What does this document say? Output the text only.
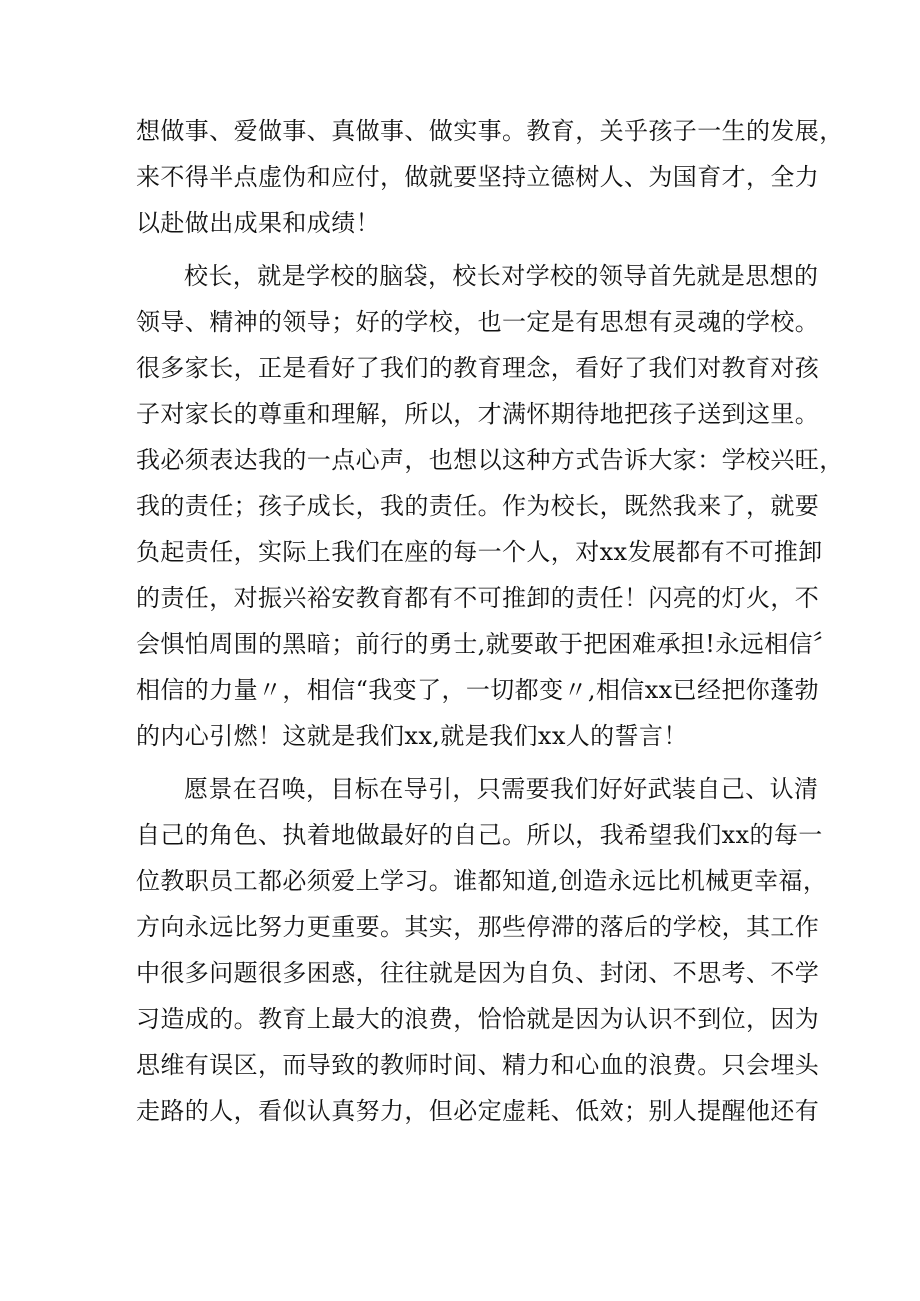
想做事、爱做事、真做事、做实事。教育，关乎孩子一生的发展，
来不得半点虚伪和应付，做就要坚持立德树人、为国育才，全力
以赴做出成果和成绩！
校长，就是学校的脑袋，校长对学校的领导首先就是思想的
领导、精神的领导；好的学校，也一定是有思想有灵魂的学校。
很多家长，正是看好了我们的教育理念，看好了我们对教育对孩
子对家长的尊重和理解，所以，才满怀期待地把孩子送到这里。
我必须表达我的一点心声，也想以这种方式告诉大家：学校兴旺，
我的责任；孩子成长，我的责任。作为校长，既然我来了，就要
负起责任，实际上我们在座的每一个人，对xx发展都有不可推卸
的责任，对振兴裕安教育都有不可推卸的责任！闪亮的灯火，不
会惧怕周围的黑暗；前行的勇士,就要敢于把困难承担!永远相信〞
相信的力量〃，相信“我变了，一切都变〃,相信xx已经把你蓬勃
的内心引燃！这就是我们xx,就是我们xx人的誓言！
愿景在召唤，目标在导引，只需要我们好好武装自己、认清
自己的角色、执着地做最好的自己。所以，我希望我们xx的每一
位教职员工都必须爱上学习。谁都知道,创造永远比机械更幸福，
方向永远比努力更重要。其实，那些停滞的落后的学校，其工作
中很多问题很多困惑，往往就是因为自负、封闭、不思考、不学
习造成的。教育上最大的浪费，恰恰就是因为认识不到位，因为
思维有误区，而导致的教师时间、精力和心血的浪费。只会埋头
走路的人，看似认真努力，但必定虚耗、低效；别人提醒他还有
